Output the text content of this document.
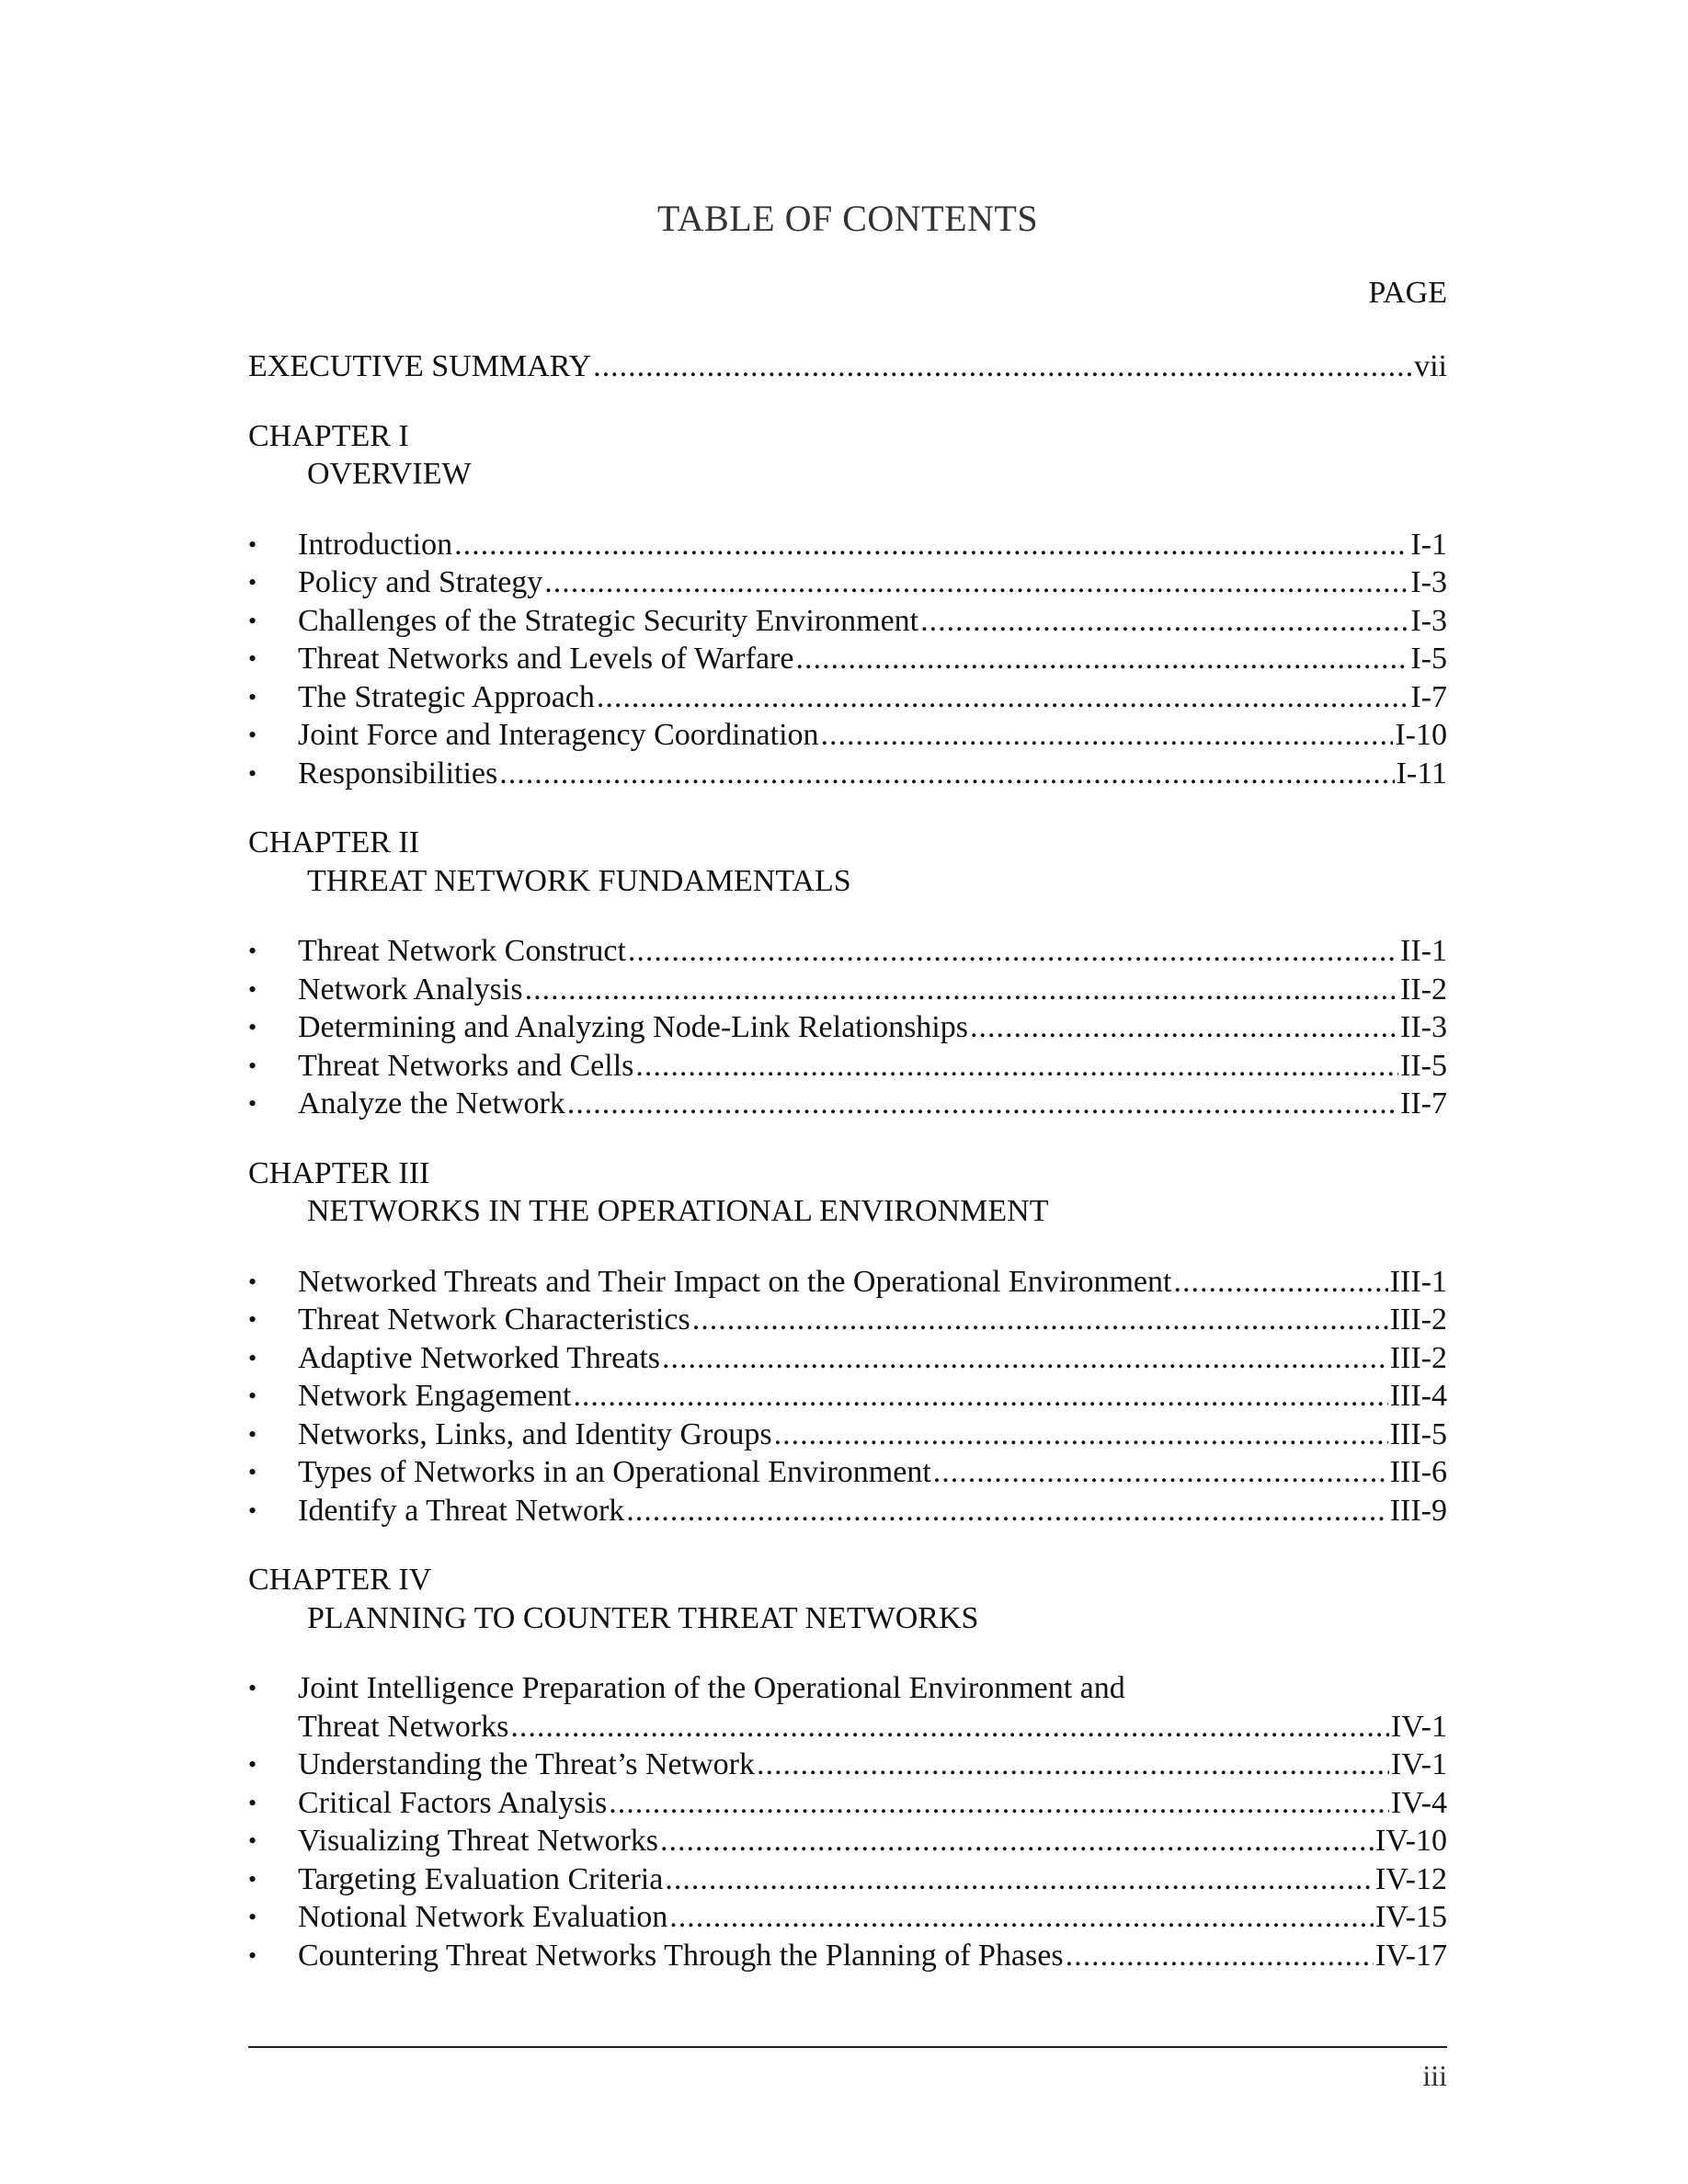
TABLE OF CONTENTS
PAGE
EXECUTIVE SUMMARY .....	vii
CHAPTER I
OVERVIEW
•	Introduction .....	I-1
•	Policy and Strategy .....	I-3
•	Challenges of the Strategic Security Environment .....	I-3
•	Threat Networks and Levels of Warfare .....	I-5
•	The Strategic Approach .....	I-7
•	Joint Force and Interagency Coordination .....	I-10
•	Responsibilities .....	I-11
CHAPTER II
THREAT NETWORK FUNDAMENTALS
•	Threat Network Construct .....	II-1
•	Network Analysis .....	II-2
•	Determining and Analyzing Node-Link Relationships .....	II-3
•	Threat Networks and Cells .....	II-5
•	Analyze the Network .....	II-7
CHAPTER III
NETWORKS IN THE OPERATIONAL ENVIRONMENT
•	Networked Threats and Their Impact on the Operational Environment .....	III-1
•	Threat Network Characteristics .....	III-2
•	Adaptive Networked Threats .....	III-2
•	Network Engagement .....	III-4
•	Networks, Links, and Identity Groups .....	III-5
•	Types of Networks in an Operational Environment .....	III-6
•	Identify a Threat Network .....	III-9
CHAPTER IV
PLANNING TO COUNTER THREAT NETWORKS
•	Joint Intelligence Preparation of the Operational Environment and
Threat Networks .....	IV-1
•	Understanding the Threat’s Network .....	IV-1
•	Critical Factors Analysis .....	IV-4
•	Visualizing Threat Networks .....	IV-10
•	Targeting Evaluation Criteria .....	IV-12
•	Notional Network Evaluation .....	IV-15
•	Countering Threat Networks Through the Planning of Phases .....	IV-17
iii
